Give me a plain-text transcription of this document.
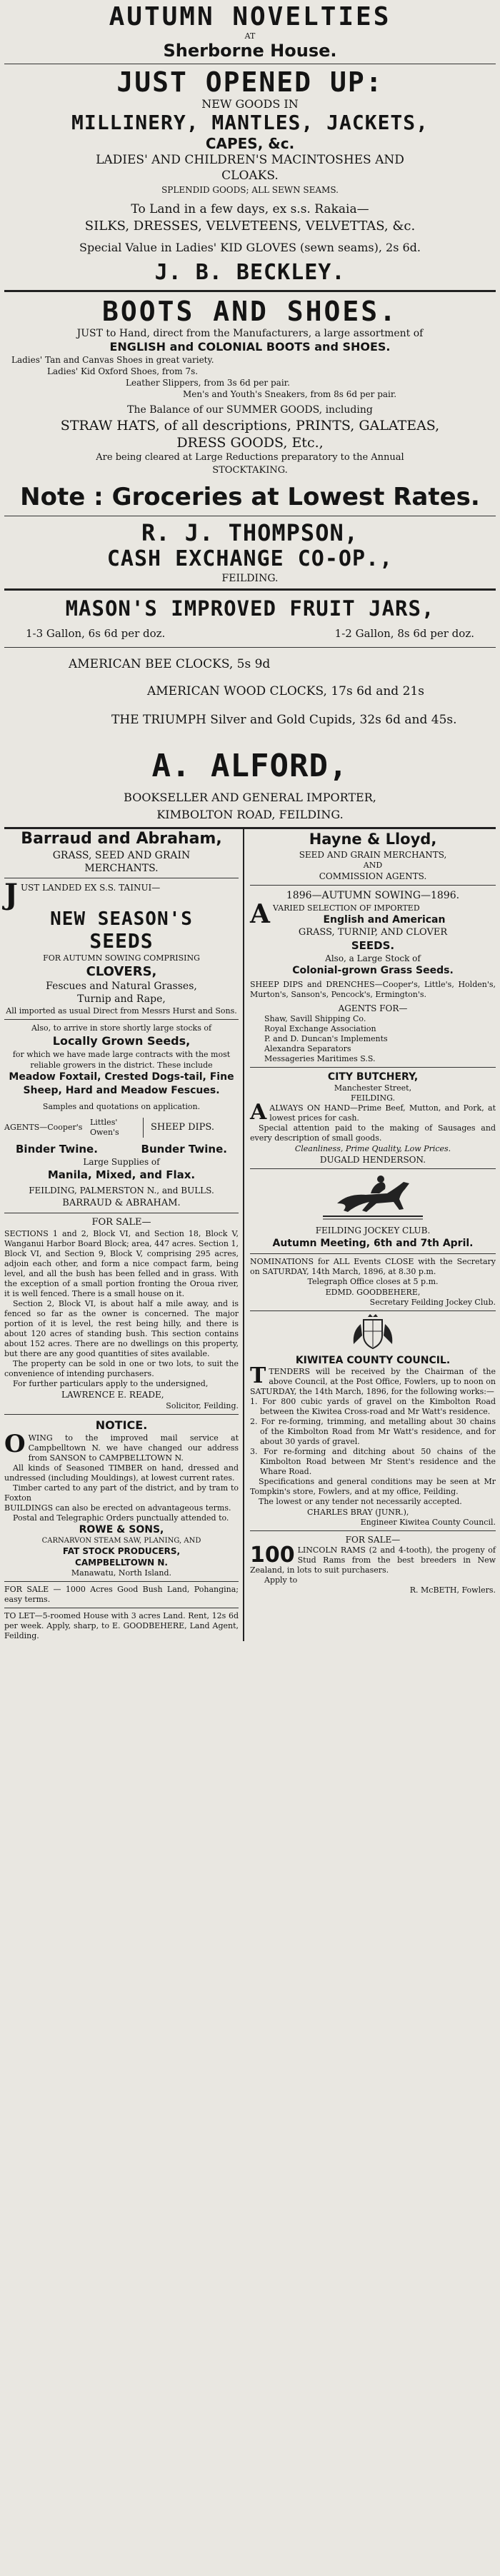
AUTUMN NOVELTIES
AT
Sherborne House.
JUST OPENED UP:
NEW GOODS IN
MILLINERY, MANTLES, JACKETS,
CAPES, &c.
LADIES' AND CHILDREN'S MACINTOSHES AND
CLOAKS.
SPLENDID GOODS; ALL SEWN SEAMS.
To Land in a few days, ex s.s. Rakaia—
SILKS, DRESSES, VELVETEENS, VELVETTAS, &c.
Special Value in Ladies' KID GLOVES (sewn seams), 2s 6d.
J. B. BECKLEY.
BOOTS AND SHOES.
JUST to Hand, direct from the Manufacturers, a large assortment of
ENGLISH and COLONIAL BOOTS and SHOES.
Ladies' Tan and Canvas Shoes in great variety.
Ladies' Kid Oxford Shoes, from 7s.
Leather Slippers, from 3s 6d per pair.
Men's and Youth's Sneakers, from 8s 6d per pair.
The Balance of our SUMMER GOODS, including
STRAW HATS, of all descriptions, PRINTS, GALATEAS,
DRESS GOODS, Etc.,
Are being cleared at Large Reductions preparatory to the Annual
STOCKTAKING.
Note : Groceries at Lowest Rates.
R. J. THOMPSON,
CASH EXCHANGE CO-OP.,
FEILDING.
MASON'S IMPROVED FRUIT JARS,
1-3 Gallon, 6s 6d per doz.	1-2 Gallon, 8s 6d per doz.
AMERICAN BEE CLOCKS, 5s 9d
AMERICAN WOOD CLOCKS, 17s 6d and 21s
THE TRIUMPH Silver and Gold Cupids, 32s 6d and 45s.
A. ALFORD,
BOOKSELLER AND GENERAL IMPORTER,
KIMBOLTON ROAD, FEILDING.
Barraud and Abraham,
GRASS, SEED AND GRAIN
MERCHANTS.
JUST LANDED EX S.S. TAINUI—
NEW SEASON'S
SEEDS
FOR AUTUMN SOWING COMPRISING
CLOVERS,
Fescues and Natural Grasses,
Turnip and Rape,
All imported as usual Direct from Messrs Hurst and Sons.
Also, to arrive in store shortly large stocks of
Locally Grown Seeds,
for which we have made large contracts with the most reliable growers in the district. These include
Meadow Foxtail, Crested Dogs-tail, Fine Sheep, Hard and Meadow Fescues.
Samples and quotations on application.
AGENTS—Cooper's
Littles'
Owen's	SHEEP DIPS.
Binder Twine.	Bunder Twine.
Large Supplies of
Manila, Mixed, and Flax.
FEILDING, PALMERSTON N., and BULLS.
BARRAUD & ABRAHAM.
FOR SALE—
SECTIONS 1 and 2, Block VI, and Section 18, Block V, Wanganui Harbor Board Block; area, 447 acres. Section 1, Block VI, and Section 9, Block V, comprising 295 acres, adjoin each other, and form a nice compact farm, being level, and all the bush has been felled and in grass. With the exception of a small portion fronting the Oroua river, it is well fenced. There is a small house on it.
Section 2, Block VI, is about half a mile away, and is fenced so far as the owner is concerned. The major portion of it is level, the rest being hilly, and there is about 120 acres of standing bush. This section contains about 152 acres. There are no dwellings on this property, but there are any good quantities of sites available.
The property can be sold in one or two lots, to suit the convenience of intending purchasers.
For further particulars apply to the undersigned,
LAWRENCE E. READE,
Solicitor, Feilding.
NOTICE.
OWING to the improved mail service at Campbelltown N. we have changed our address from SANSON to CAMPBELLTOWN N.
All kinds of Seasoned TIMBER on hand, dressed and undressed (including Mouldings), at lowest current rates.
Timber carted to any part of the district, and by tram to Foxton
BUILDINGS can also be erected on advantageous terms.
Postal and Telegraphic Orders punctually attended to.
ROWE & SONS,
CARNARVON STEAM SAW, PLANING, AND
FAT STOCK PRODUCERS,
CAMPBELLTOWN N.
Manawatu, North Island.
FOR SALE — 1000 Acres Good Bush Land, Pohangina; easy terms.
TO LET—5-roomed House with 3 acres Land. Rent, 12s 6d per week. Apply, sharp, to E. GOODBEHERE, Land Agent, Feilding.
Hayne & Lloyd,
SEED AND GRAIN MERCHANTS,
AND
COMMISSION AGENTS.
1896—AUTUMN SOWING—1896.
AVARIED SELECTION OF IMPORTED
English and American
GRASS, TURNIP, AND CLOVER
SEEDS.
Also, a Large Stock of
Colonial-grown Grass Seeds.
SHEEP DIPS and DRENCHES—Cooper's, Little's, Holden's, Murton's, Sanson's, Pencock's, Ermington's.
AGENTS FOR—
Shaw, Savill Shipping Co.
Royal Exchange Association
P. and D. Duncan's Implements
Alexandra Separators
Messageries Maritimes S.S.
CITY BUTCHERY,
Manchester Street,
FEILDING.
AALWAYS ON HAND—Prime Beef, Mutton, and Pork, at lowest prices for cash.
Special attention paid to the making of Sausages and every description of small goods.
Cleanliness, Prime Quality, Low Prices.
DUGALD HENDERSON.
FEILDING JOCKEY CLUB.
Autumn Meeting, 6th and 7th April.
NOMINATIONS for ALL Events CLOSE with the Secretary on SATURDAY, 14th March, 1896, at 8.30 p.m.
Telegraph Office closes at 5 p.m.
EDMD. GOODBEHERE,
Secretary Feilding Jockey Club.
KIWITEA COUNTY COUNCIL.
TTENDERS will be received by the Chairman of the above Council, at the Post Office, Fowlers, up to noon on SATURDAY, the 14th March, 1896, for the following works:—
1. For 800 cubic yards of gravel on the Kimbolton Road between the Kiwitea Cross-road and Mr Watt's residence.
2. For re-forming, trimming, and metalling about 30 chains of the Kimbolton Road from Mr Watt's residence, and for about 30 yards of gravel.
3. For re-forming and ditching about 50 chains of the Kimbolton Road between Mr Stent's residence and the Whare Road.
Specifications and general conditions may be seen at Mr Tompkin's store, Fowlers, and at my office, Feilding.
The lowest or any tender not necessarily accepted.
CHARLES BRAY (JUNR.),
Engineer Kiwitea County Council.
FOR SALE—
100 LINCOLN RAMS (2 and 4-tooth), the progeny of Stud Rams from the best breeders in New Zealand, in lots to suit purchasers.
Apply to
R. McBETH, Fowlers.
